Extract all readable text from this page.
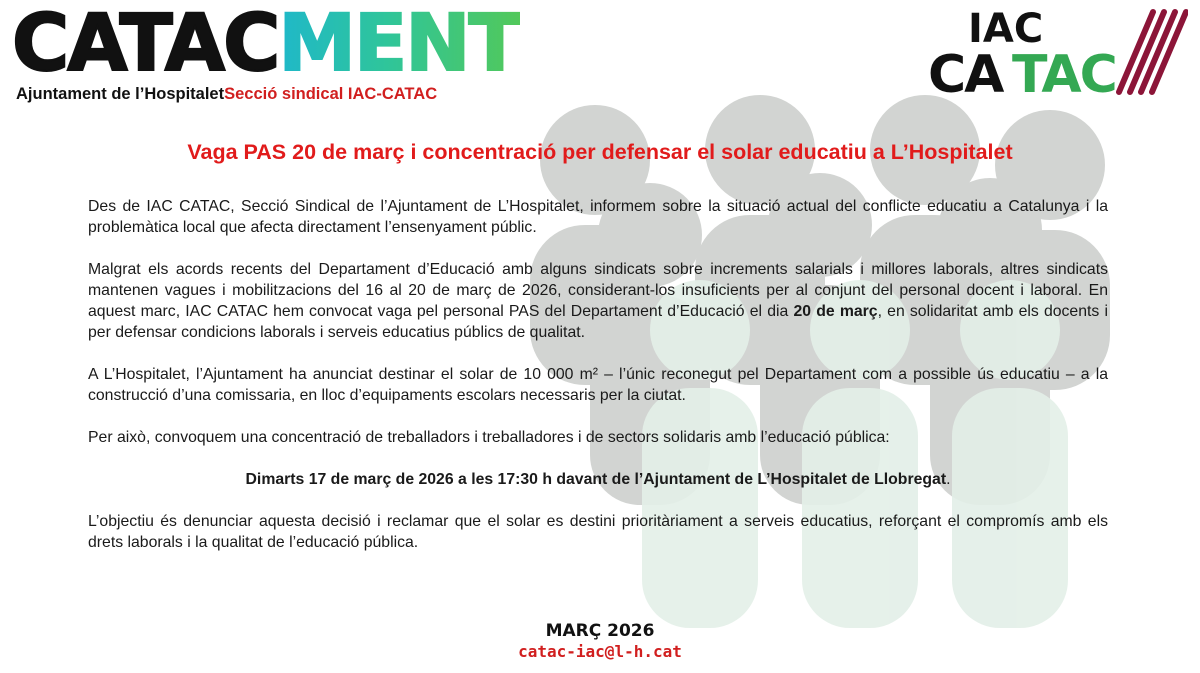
CATACMENT
Ajuntament de l’HospitaletSecció sindical IAC-CATAC
IAC
CA TAC
Vaga PAS 20 de març i concentració per defensar el solar educatiu a L’Hospitalet

Des de IAC CATAC, Secció Sindical de l’Ajuntament de L’Hospitalet, informem sobre la situació actual del conflicte educatiu a Catalunya i la problemàtica local que afecta directament l’ensenyament públic.

Malgrat els acords recents del Departament d’Educació amb alguns sindicats sobre increments salarials i millores laborals, altres sindicats mantenen vagues i mobilitzacions del 16 al 20 de març de 2026, considerant-los insuficients per al conjunt del personal docent i laboral. En aquest marc, IAC CATAC hem convocat vaga pel personal PAS del Departament d’Educació el dia 20 de març, en solidaritat amb els docents i per defensar condicions laborals i serveis educatius públics de qualitat.

A L’Hospitalet, l’Ajuntament ha anunciat destinar el solar de 10 000 m² – l’únic reconegut pel Departament com a possible ús educatiu – a la construcció d’una comissaria, en lloc d’equipaments escolars necessaris per la ciutat.

Per això, convoquem una concentració de treballadors i treballadores i de sectors solidaris amb l’educació pública:

Dimarts 17 de març de 2026 a les 17:30 h davant de l’Ajuntament de L’Hospitalet de Llobregat.

L’objectiu és denunciar aquesta decisió i reclamar que el solar es destini prioritàriament a serveis educatius, reforçant el compromís amb els drets laborals i la qualitat de l’educació pública.

MARÇ 2026
catac-iac@l-h.cat
